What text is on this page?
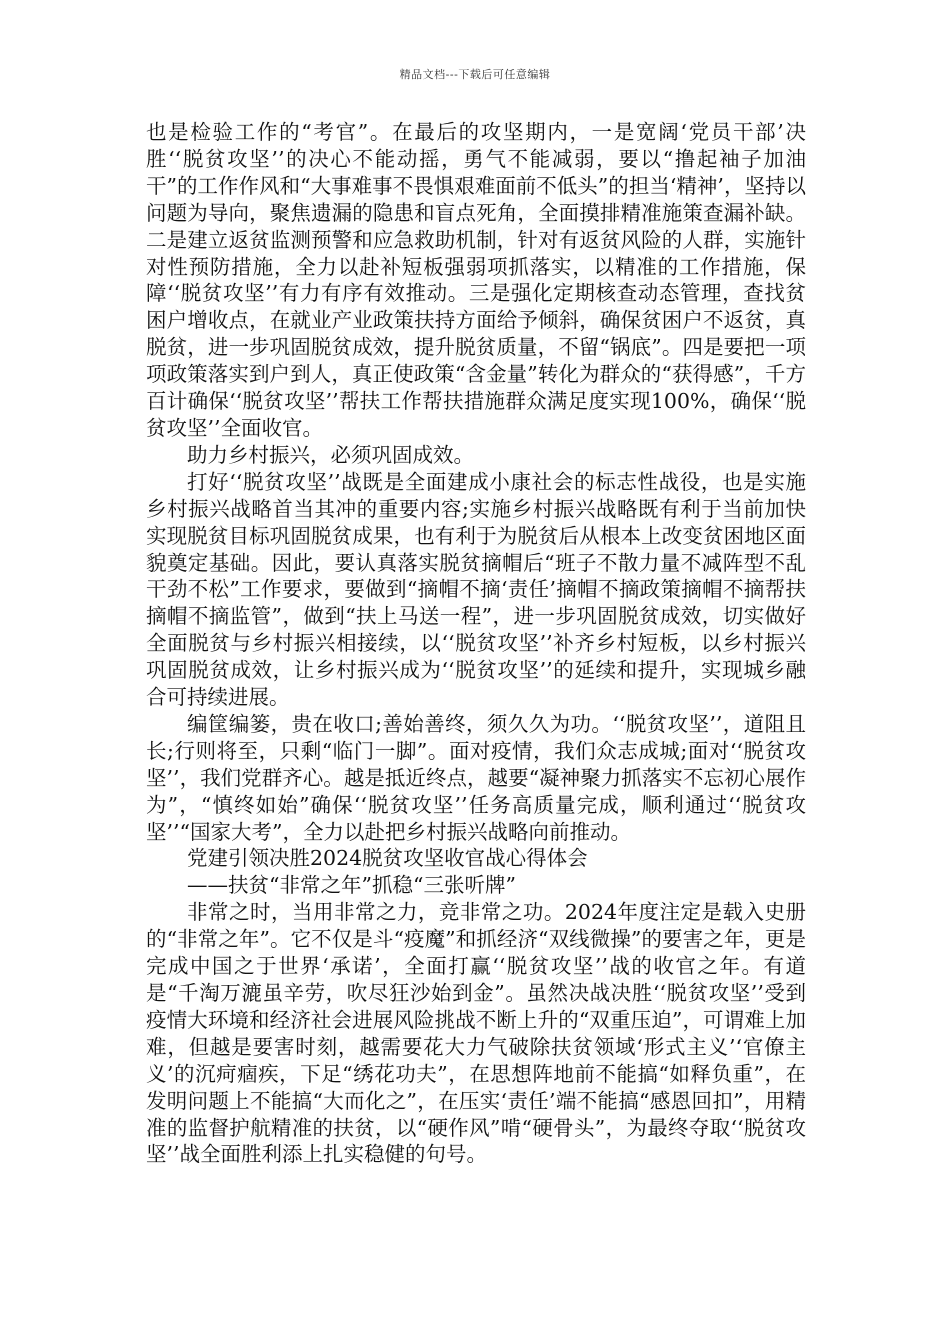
精品文档---下载后可任意编辑

也是检验工作的“考官”。在最后的攻坚期内，一是宽阔‘党员干部’决胜‘‘脱贫攻坚’’的决心不能动摇，勇气不能减弱，要以“撸起袖子加油干”的工作作风和“大事难事不畏惧艰难面前不低头”的担当‘精神’，坚持以问题为导向，聚焦遗漏的隐患和盲点死角，全面摸排精准施策查漏补缺。二是建立返贫监测预警和应急救助机制，针对有返贫风险的人群，实施针对性预防措施，全力以赴补短板强弱项抓落实，以精准的工作措施，保障‘‘脱贫攻坚’’有力有序有效推动。三是强化定期核查动态管理，查找贫困户增收点，在就业产业政策扶持方面给予倾斜，确保贫困户不返贫，真脱贫，进一步巩固脱贫成效，提升脱贫质量，不留“锅底”。四是要把一项项政策落实到户到人，真正使政策“含金量”转化为群众的“获得感”，千方百计确保‘‘脱贫攻坚’’帮扶工作帮扶措施群众满足度实现100%，确保‘‘脱贫攻坚’’全面收官。

助力乡村振兴，必须巩固成效。

打好‘‘脱贫攻坚’’战既是全面建成小康社会的标志性战役，也是实施乡村振兴战略首当其冲的重要内容;实施乡村振兴战略既有利于当前加快实现脱贫目标巩固脱贫成果，也有利于为脱贫后从根本上改变贫困地区面貌奠定基础。因此，要认真落实脱贫摘帽后“班子不散力量不减阵型不乱干劲不松”工作要求，要做到“摘帽不摘‘责任’摘帽不摘政策摘帽不摘帮扶摘帽不摘监管”，做到“扶上马送一程”，进一步巩固脱贫成效，切实做好全面脱贫与乡村振兴相接续，以‘‘脱贫攻坚’’补齐乡村短板，以乡村振兴巩固脱贫成效，让乡村振兴成为‘‘脱贫攻坚’’的延续和提升，实现城乡融合可持续进展。

编筐编篓，贵在收口;善始善终，须久久为功。‘‘脱贫攻坚’’，道阻且长;行则将至，只剩“临门一脚”。面对疫情，我们众志成城;面对‘‘脱贫攻坚’’，我们党群齐心。越是抵近终点，越要“凝神聚力抓落实不忘初心展作为”，“慎终如始”确保‘‘脱贫攻坚’’任务高质量完成，顺利通过‘‘脱贫攻坚’’“国家大考”，全力以赴把乡村振兴战略向前推动。

党建引领决胜2024脱贫攻坚收官战心得体会

——扶贫“非常之年”抓稳“三张听牌”

非常之时，当用非常之力，竞非常之功。2024年度注定是载入史册的“非常之年”。它不仅是斗“疫魔”和抓经济“双线微操”的要害之年，更是完成中国之于世界‘承诺’，全面打赢‘‘脱贫攻坚’’战的收官之年。有道是“千淘万漉虽辛劳，吹尽狂沙始到金”。虽然决战决胜‘‘脱贫攻坚’’受到疫情大环境和经济社会进展风险挑战不断上升的“双重压迫”，可谓难上加难，但越是要害时刻，越需要花大力气破除扶贫领域‘形式主义’‘官僚主义’的沉疴痼疾，下足“绣花功夫”，在思想阵地前不能搞“如释负重”，在发明问题上不能搞“大而化之”，在压实‘责任’端不能搞“感恩回扣”，用精准的监督护航精准的扶贫，以“硬作风”啃“硬骨头”，为最终夺取‘‘脱贫攻坚’’战全面胜利添上扎实稳健的句号。
